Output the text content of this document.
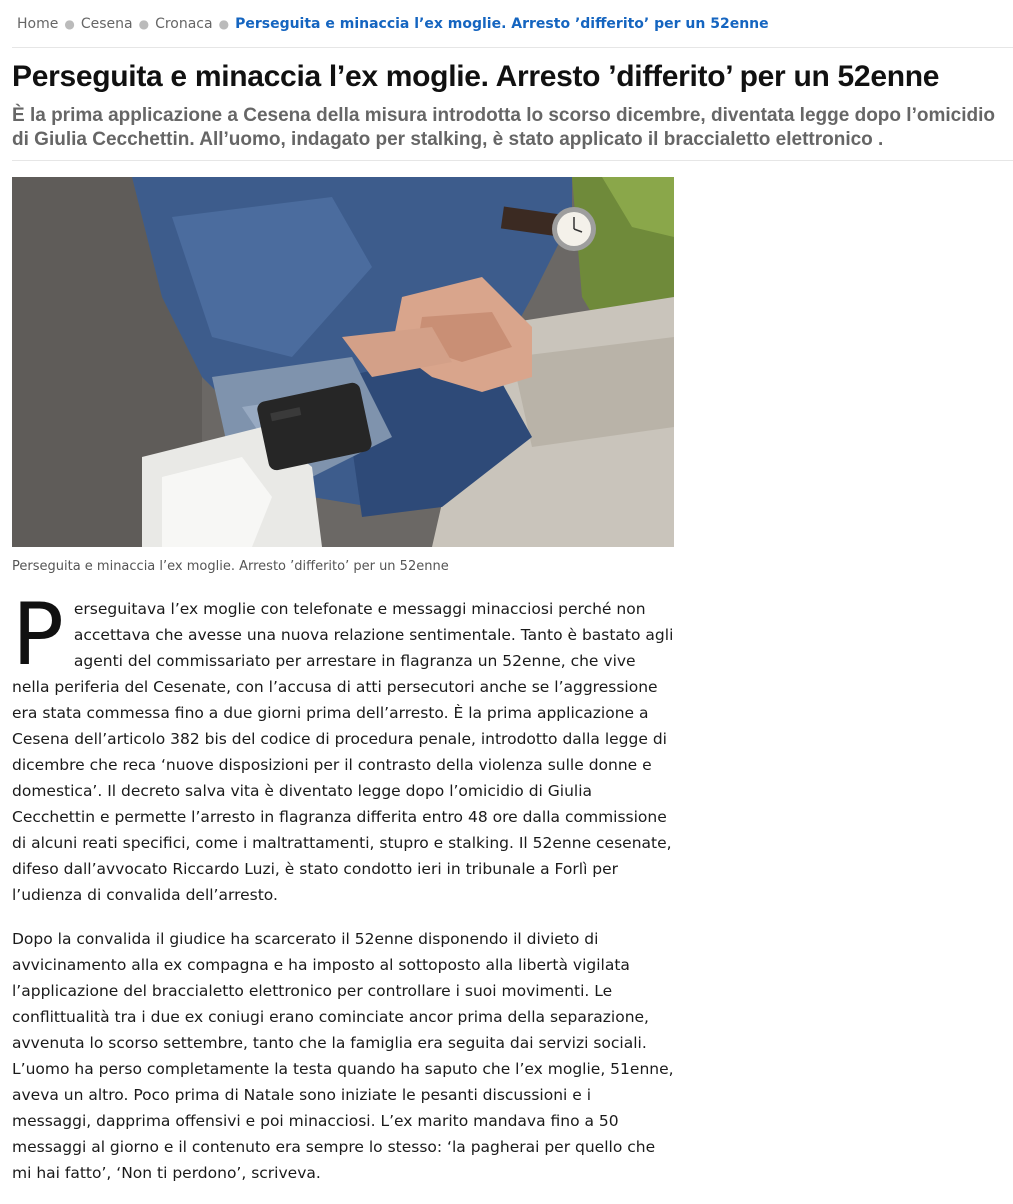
Home ● Cesena ● Cronaca ● Perseguita e minaccia l’ex moglie. Arresto ’differito’ per un 52enne
Perseguita e minaccia l’ex moglie. Arresto ’differito’ per un 52enne
È la prima applicazione a Cesena della misura introdotta lo scorso dicembre, diventata legge dopo l’omicidio di Giulia Cecchettin. All’uomo, indagato per stalking, è stato applicato il braccialetto elettronico .
Perseguita e minaccia l’ex moglie. Arresto ’differito’ per un 52enne

Perseguitava l’ex moglie con telefonate e messaggi minacciosi perché non accettava che avesse una nuova relazione sentimentale. Tanto è bastato agli agenti del commissariato per arrestare in flagranza un 52enne, che vive nella periferia del Cesenate, con l’accusa di atti persecutori anche se l’aggressione era stata commessa fino a due giorni prima dell’arresto. È la prima applicazione a Cesena dell’articolo 382 bis del codice di procedura penale, introdotto dalla legge di dicembre che reca ‘nuove disposizioni per il contrasto della violenza sulle donne e domestica’. Il decreto salva vita è diventato legge dopo l’omicidio di Giulia Cecchettin e permette l’arresto in flagranza differita entro 48 ore dalla commissione di alcuni reati specifici, come i maltrattamenti, stupro e stalking. Il 52enne cesenate, difeso dall’avvocato Riccardo Luzi, è stato condotto ieri in tribunale a Forlì per l’udienza di convalida dell’arresto.

Dopo la convalida il giudice ha scarcerato il 52enne disponendo il divieto di avvicinamento alla ex compagna e ha imposto al sottoposto alla libertà vigilata l’applicazione del braccialetto elettronico per controllare i suoi movimenti. Le conflittualità tra i due ex coniugi erano cominciate ancor prima della separazione, avvenuta lo scorso settembre, tanto che la famiglia era seguita dai servizi sociali. L’uomo ha perso completamente la testa quando ha saputo che l’ex moglie, 51enne, aveva un altro. Poco prima di Natale sono iniziate le pesanti discussioni e i messaggi, dapprima offensivi e poi minacciosi. L’ex marito mandava fino a 50 messaggi al giorno e il contenuto era sempre lo stesso: ‘la pagherai per quello che mi hai fatto’, ‘Non ti perdono’, scriveva.
